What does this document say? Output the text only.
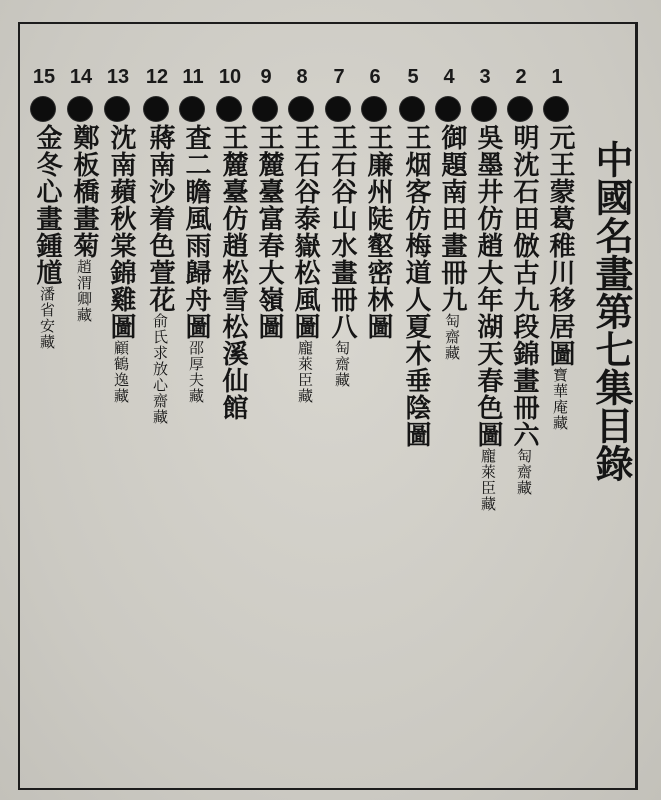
中國名畫第七集目錄
1
元王蒙葛稚川移居圖寶華庵藏
2
明沈石田倣古九段錦畫冊六匋齋藏
3
吳墨井仿趙大年湖天春色圖龐萊臣藏
4
御題南田畫冊九匋齋藏
5
王烟客仿梅道人夏木垂陰圖
6
王廉州陡壑密林圖
7
王石谷山水畫冊八匋齋藏
8
王石谷泰嶽松風圖龐萊臣藏
9
王麓臺富春大嶺圖
10
王麓臺仿趙松雪松溪仙館
11
査二瞻風雨歸舟圖邵厚夫藏
12
蔣南沙着色萱花俞氏求放心齋藏
13
沈南蘋秋棠錦雞圖顧鶴逸藏
14
鄭板橋畫菊趙渭卿藏
15
金冬心畫鍾馗潘省安藏
